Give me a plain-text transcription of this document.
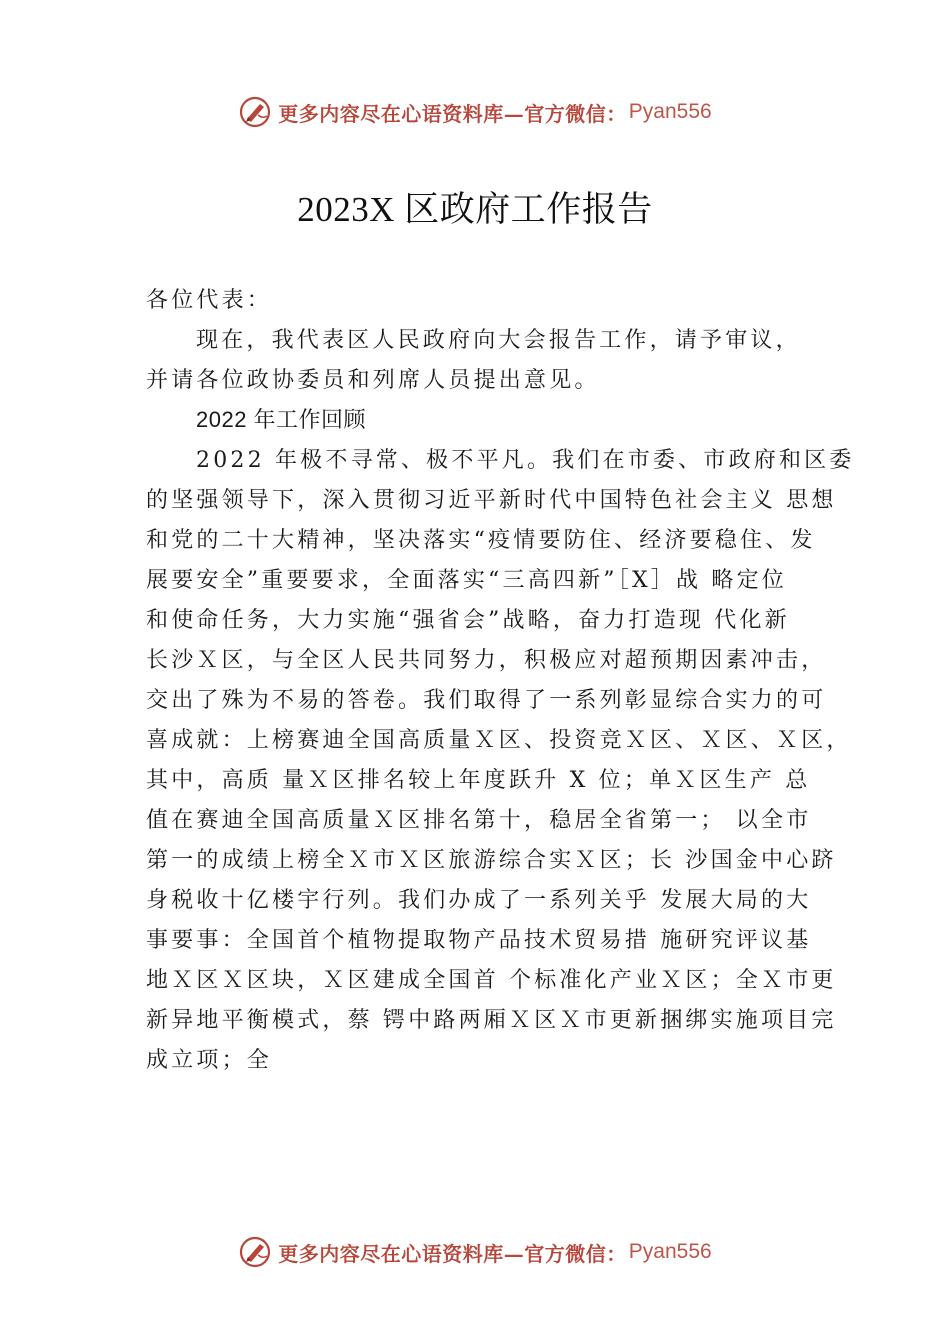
更多内容尽在心语资料库—官方微信： Pyan556
2023X 区政府工作报告
各位代表：
现在，我代表区人民政府向大会报告工作，请予审议，
并请各位政协委员和列席人员提出意见。
2022 年工作回顾
2022 年极不寻常、极不平凡。我们在市委、市政府和区委
的坚强领导下，深入贯彻习近平新时代中国特色社会主义 思想
和党的二十大精神，坚决落实“疫情要防住、经济要稳住、发
展要安全”重要要求，全面落实“三高四新”［X］战 略定位
和使命任务，大力实施“强省会”战略，奋力打造现 代化新
长沙Ｘ区，与全区人民共同努力，积极应对超预期因素冲击，
交出了殊为不易的答卷。我们取得了一系列彰显综合实力的可
喜成就：上榜赛迪全国高质量Ｘ区、投资竞Ｘ区、Ｘ区、Ｘ区，
其中，高质 量Ｘ区排名较上年度跃升 X 位；单Ｘ区生产 总
值在赛迪全国高质量Ｘ区排名第十，稳居全省第一； 以全市
第一的成绩上榜全Ｘ市Ｘ区旅游综合实Ｘ区；长 沙国金中心跻
身税收十亿楼宇行列。我们办成了一系列关乎 发展大局的大
事要事：全国首个植物提取物产品技术贸易措 施研究评议基
地Ｘ区Ｘ区块，Ｘ区建成全国首 个标准化产业Ｘ区；全Ｘ市更
新异地平衡模式，蔡 锷中路两厢Ｘ区Ｘ市更新捆绑实施项目完
成立项；全
更多内容尽在心语资料库—官方微信： Pyan556
